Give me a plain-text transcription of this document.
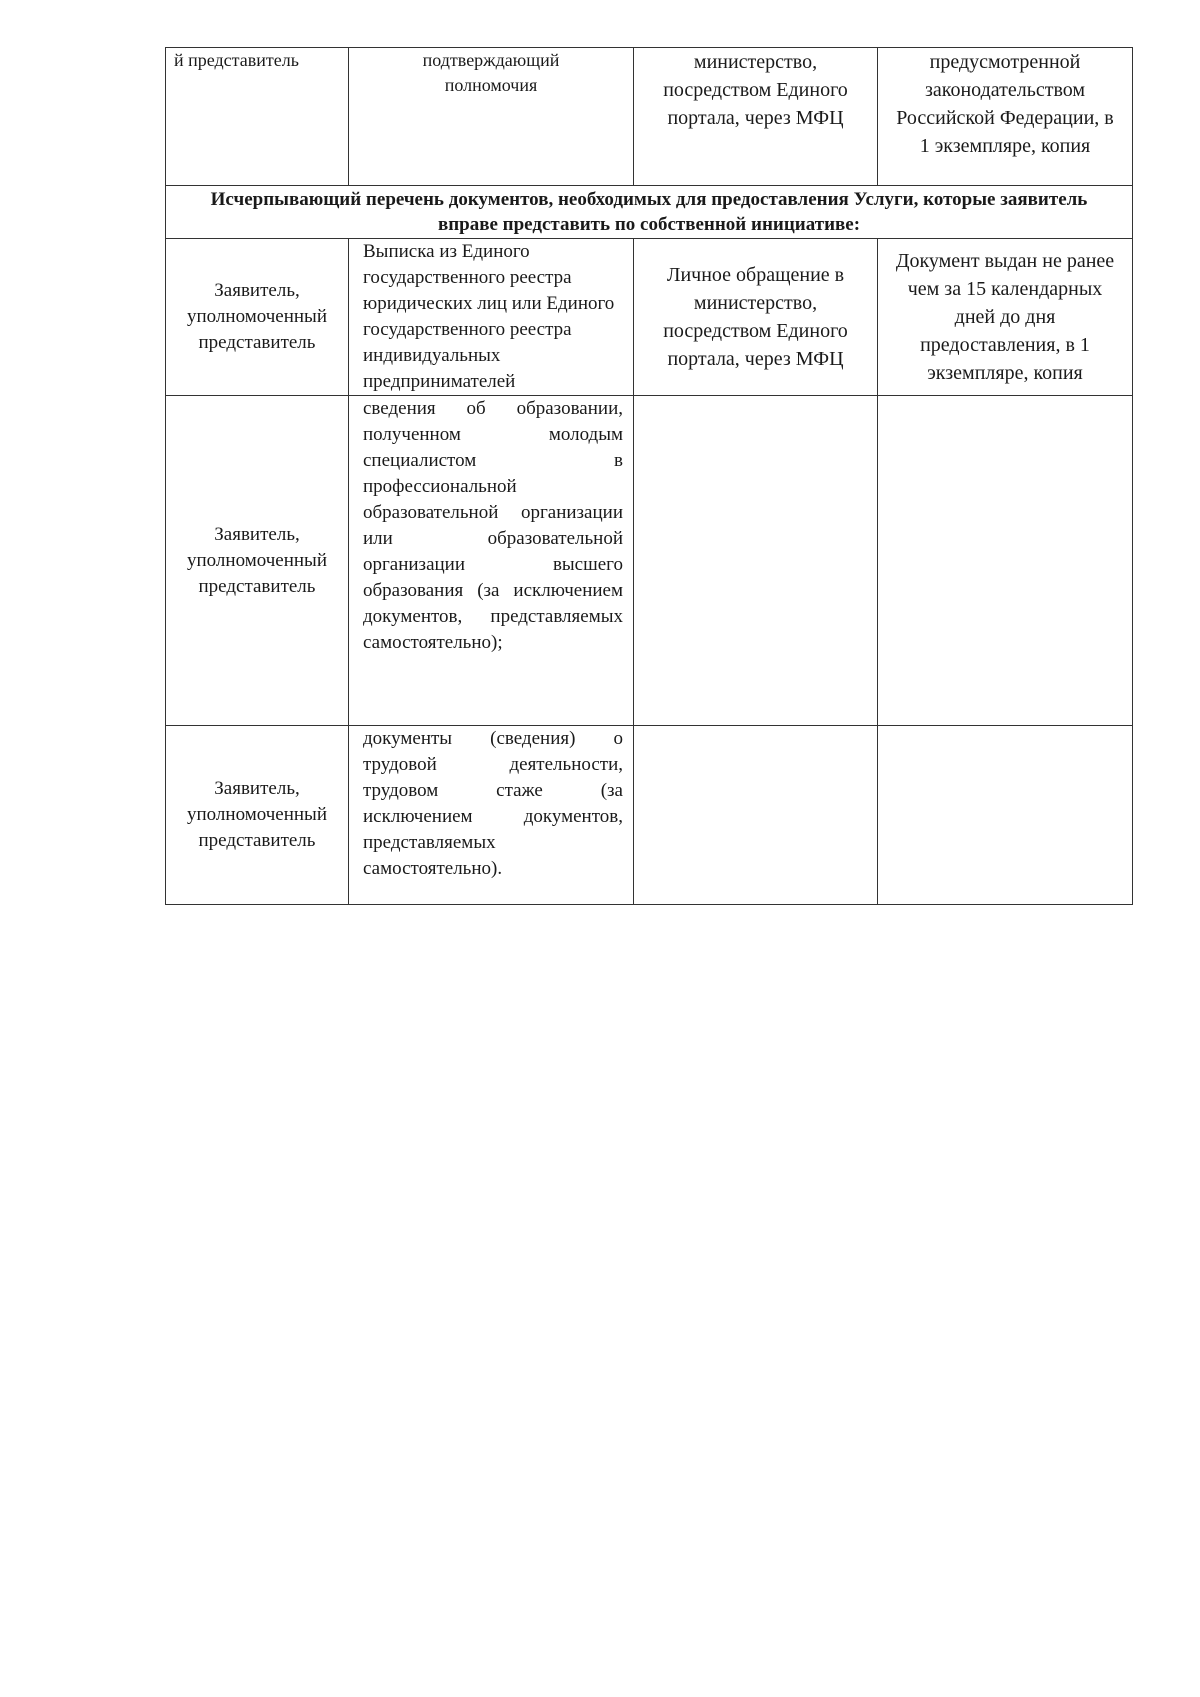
й представитель	подтверждающий полномочия	министерство, посредством Единого портала, через МФЦ	предусмотренной законодательством Российской Федерации, в 1 экземпляре, копия

Исчерпывающий перечень документов, необходимых для предоставления Услуги, которые заявитель вправе представить по собственной инициативе:			

Заявитель, уполномоченный представитель	Выписка из Единого государственного реестра юридических лиц или Единого государственного реестра индивидуальных предпринимателей	Личное обращение в министерство, посредством Единого портала, через МФЦ	Документ выдан не ранее чем за 15 календарных дней до дня предоставления, в 1 экземпляре, копия

Заявитель, уполномоченный представитель	сведения об образовании, полученном молодым специалистом в профессиональной образовательной организации или образовательной организации высшего образования (за исключением документов, представляемых самостоятельно);		

Заявитель, уполномоченный представитель	документы (сведения) о трудовой деятельности, трудовом стаже (за исключением документов, представляемых самостоятельно).		
